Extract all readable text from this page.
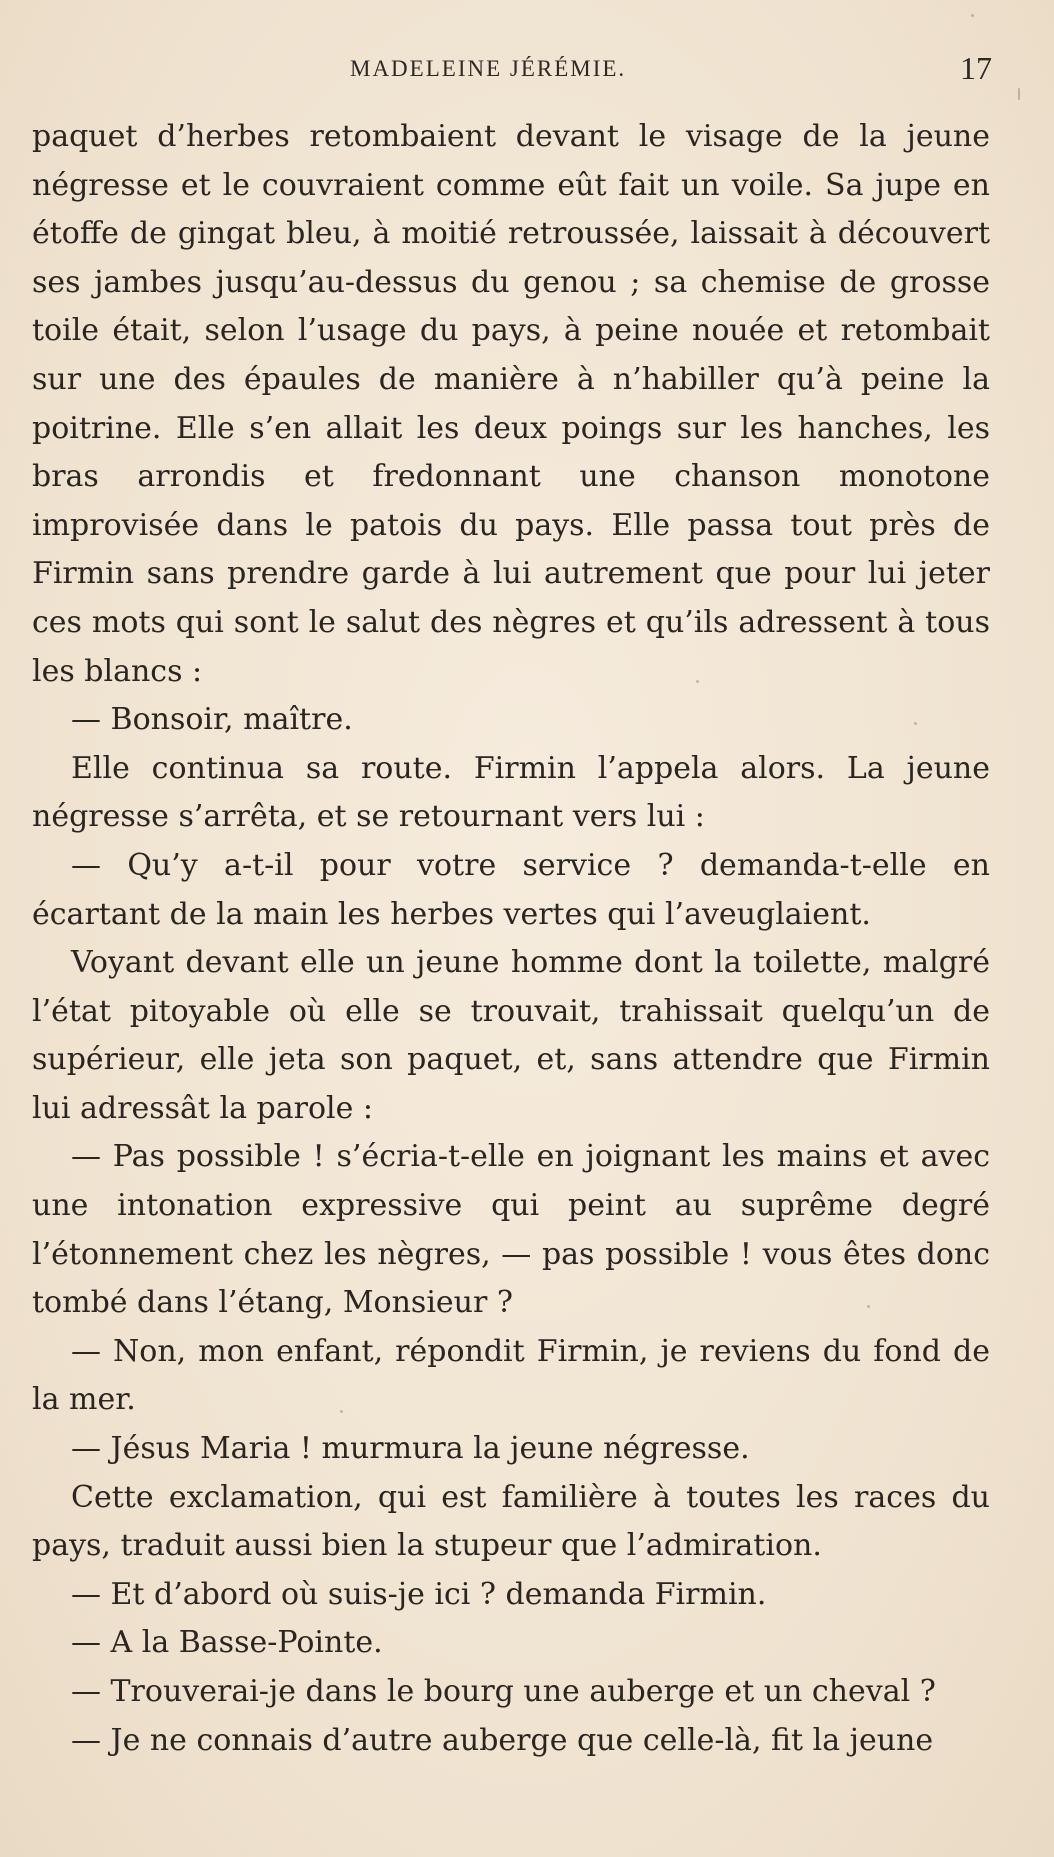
MADELEINE JÉRÉMIE.	17

paquet d’herbes retombaient devant le visage de la jeune négresse et le couvraient comme eût fait un voile. Sa jupe en étoffe de gingat bleu, à moitié retroussée, laissait à découvert ses jambes jusqu’au-dessus du genou ; sa chemise de grosse toile était, selon l’usage du pays, à peine nouée et retombait sur une des épaules de manière à n’habiller qu’à peine la poitrine. Elle s’en allait les deux poings sur les hanches, les bras arrondis et fredonnant une chanson monotone improvisée dans le patois du pays. Elle passa tout près de Firmin sans prendre garde à lui autrement que pour lui jeter ces mots qui sont le salut des nègres et qu’ils adressent à tous les blancs :

— Bonsoir, maître.

Elle continua sa route. Firmin l’appela alors. La jeune négresse s’arrêta, et se retournant vers lui :

— Qu’y a-t-il pour votre service ? demanda-t-elle en écartant de la main les herbes vertes qui l’aveuglaient.

Voyant devant elle un jeune homme dont la toilette, malgré l’état pitoyable où elle se trouvait, trahissait quelqu’un de supérieur, elle jeta son paquet, et, sans attendre que Firmin lui adressât la parole :

— Pas possible ! s’écria-t-elle en joignant les mains et avec une intonation expressive qui peint au suprême degré l’étonnement chez les nègres, — pas possible ! vous êtes donc tombé dans l’étang, Monsieur ?

— Non, mon enfant, répondit Firmin, je reviens du fond de la mer.

— Jésus Maria ! murmura la jeune négresse.

Cette exclamation, qui est familière à toutes les races du pays, traduit aussi bien la stupeur que l’admiration.

— Et d’abord où suis-je ici ? demanda Firmin.

— A la Basse-Pointe.

— Trouverai-je dans le bourg une auberge et un cheval ?

— Je ne connais d’autre auberge que celle-là, fit la jeune
